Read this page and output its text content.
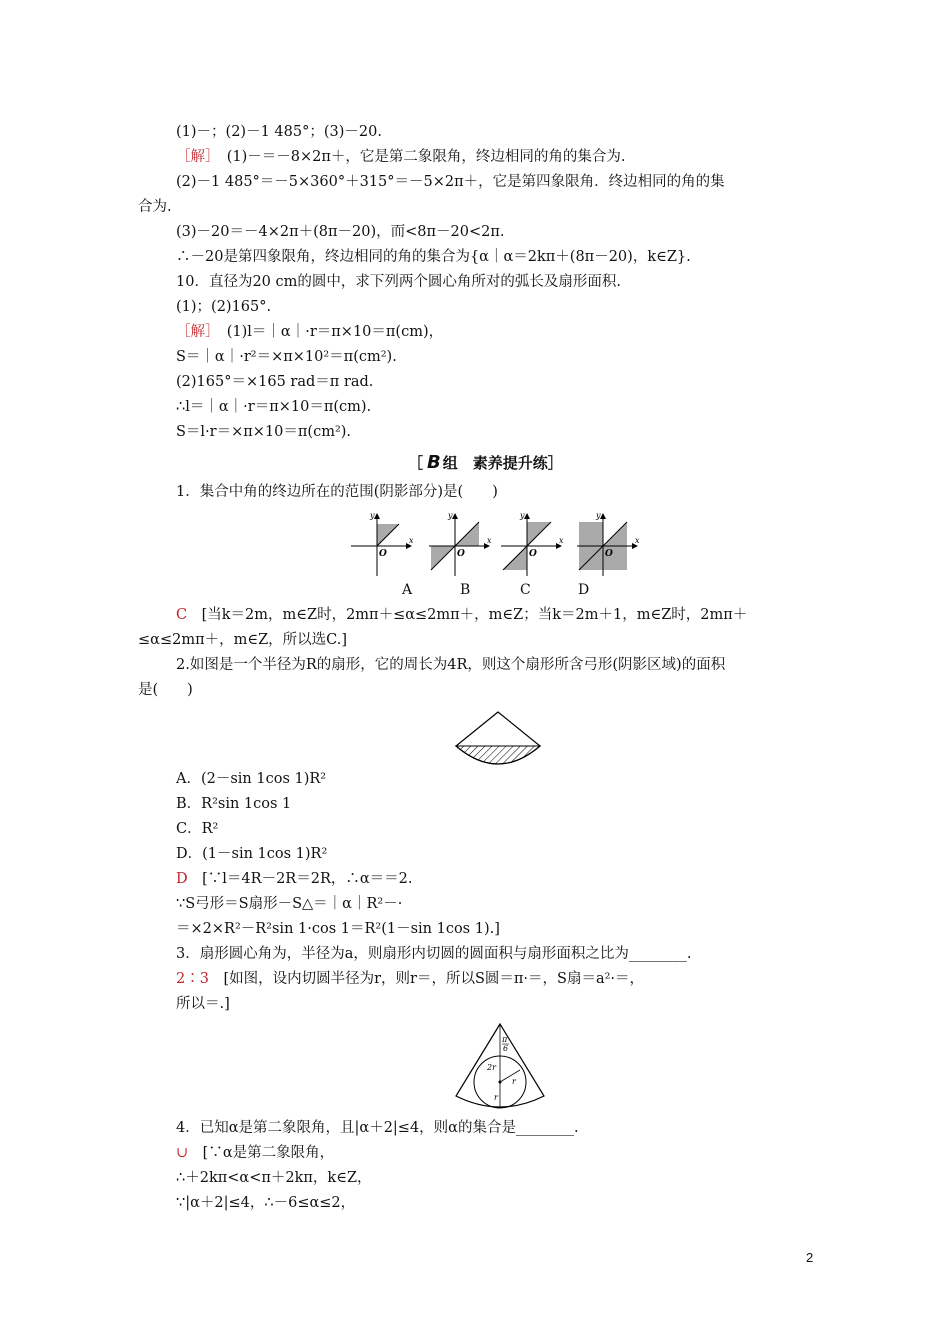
(1)－；(2)－1 485°；(3)－20.
［解］　(1)－＝－8×2π＋，它是第二象限角，终边相同的角的集合为.
(2)－1 485°＝－5×360°＋315°＝－5×2π＋，它是第四象限角．终边相同的角的集
合为.
(3)－20＝－4×2π＋(8π－20)，而<8π－20<2π.
∴－20是第四象限角，终边相同的角的集合为{α｜α＝2kπ＋(8π－20)，k∈Z}.
10．直径为20 cm的圆中，求下列两个圆心角所对的弧长及扇形面积.
(1)；(2)165°.
［解］　(1)l＝｜α｜·r＝π×10＝π(cm)，
S＝｜α｜·r²＝×π×10²＝π(cm²).
(2)165°＝×165 rad＝π rad.
∴l＝｜α｜·r＝π×10＝π(cm).
S＝l·r＝×π×10＝π(cm²).
1．集合中角的终边所在的范围(阴影部分)是(　　)
C　[当k＝2m，m∈Z时，2mπ＋≤α≤2mπ＋，m∈Z；当k＝2m＋1，m∈Z时，2mπ＋
≤α≤2mπ＋，m∈Z，所以选C.]
2.如图是一个半径为R的扇形，它的周长为4R，则这个扇形所含弓形(阴影区域)的面积
是(　　)
A．(2－sin 1cos 1)R²
B．R²sin 1cos 1
C．R²
D．(1－sin 1cos 1)R²
D　[∵l＝4R－2R＝2R，∴α＝＝2.
∵S弓形＝S扇形－S△＝｜α｜R²－·
＝×2×R²－R²sin 1·cos 1＝R²(1－sin 1cos 1).]
3．扇形圆心角为，半径为a，则扇形内切圆的圆面积与扇形面积之比为________.
2∶3　[如图，设内切圆半径为r，则r＝，所以S圆＝π·＝，S扇＝a²·＝，
所以＝.]
4．已知α是第二象限角，且|α＋2|≤4，则α的集合是________.
∪　[∵α是第二象限角，
∴＋2kπ<α<π＋2kπ，k∈Z，
∵|α＋2|≤4，∴－6≤α≤2，
［ B 组　素养提升练］
y
x
O
y
x
O
y
x
O
y
x
O
A	B	C	D
π
6
2r
r
r
2
